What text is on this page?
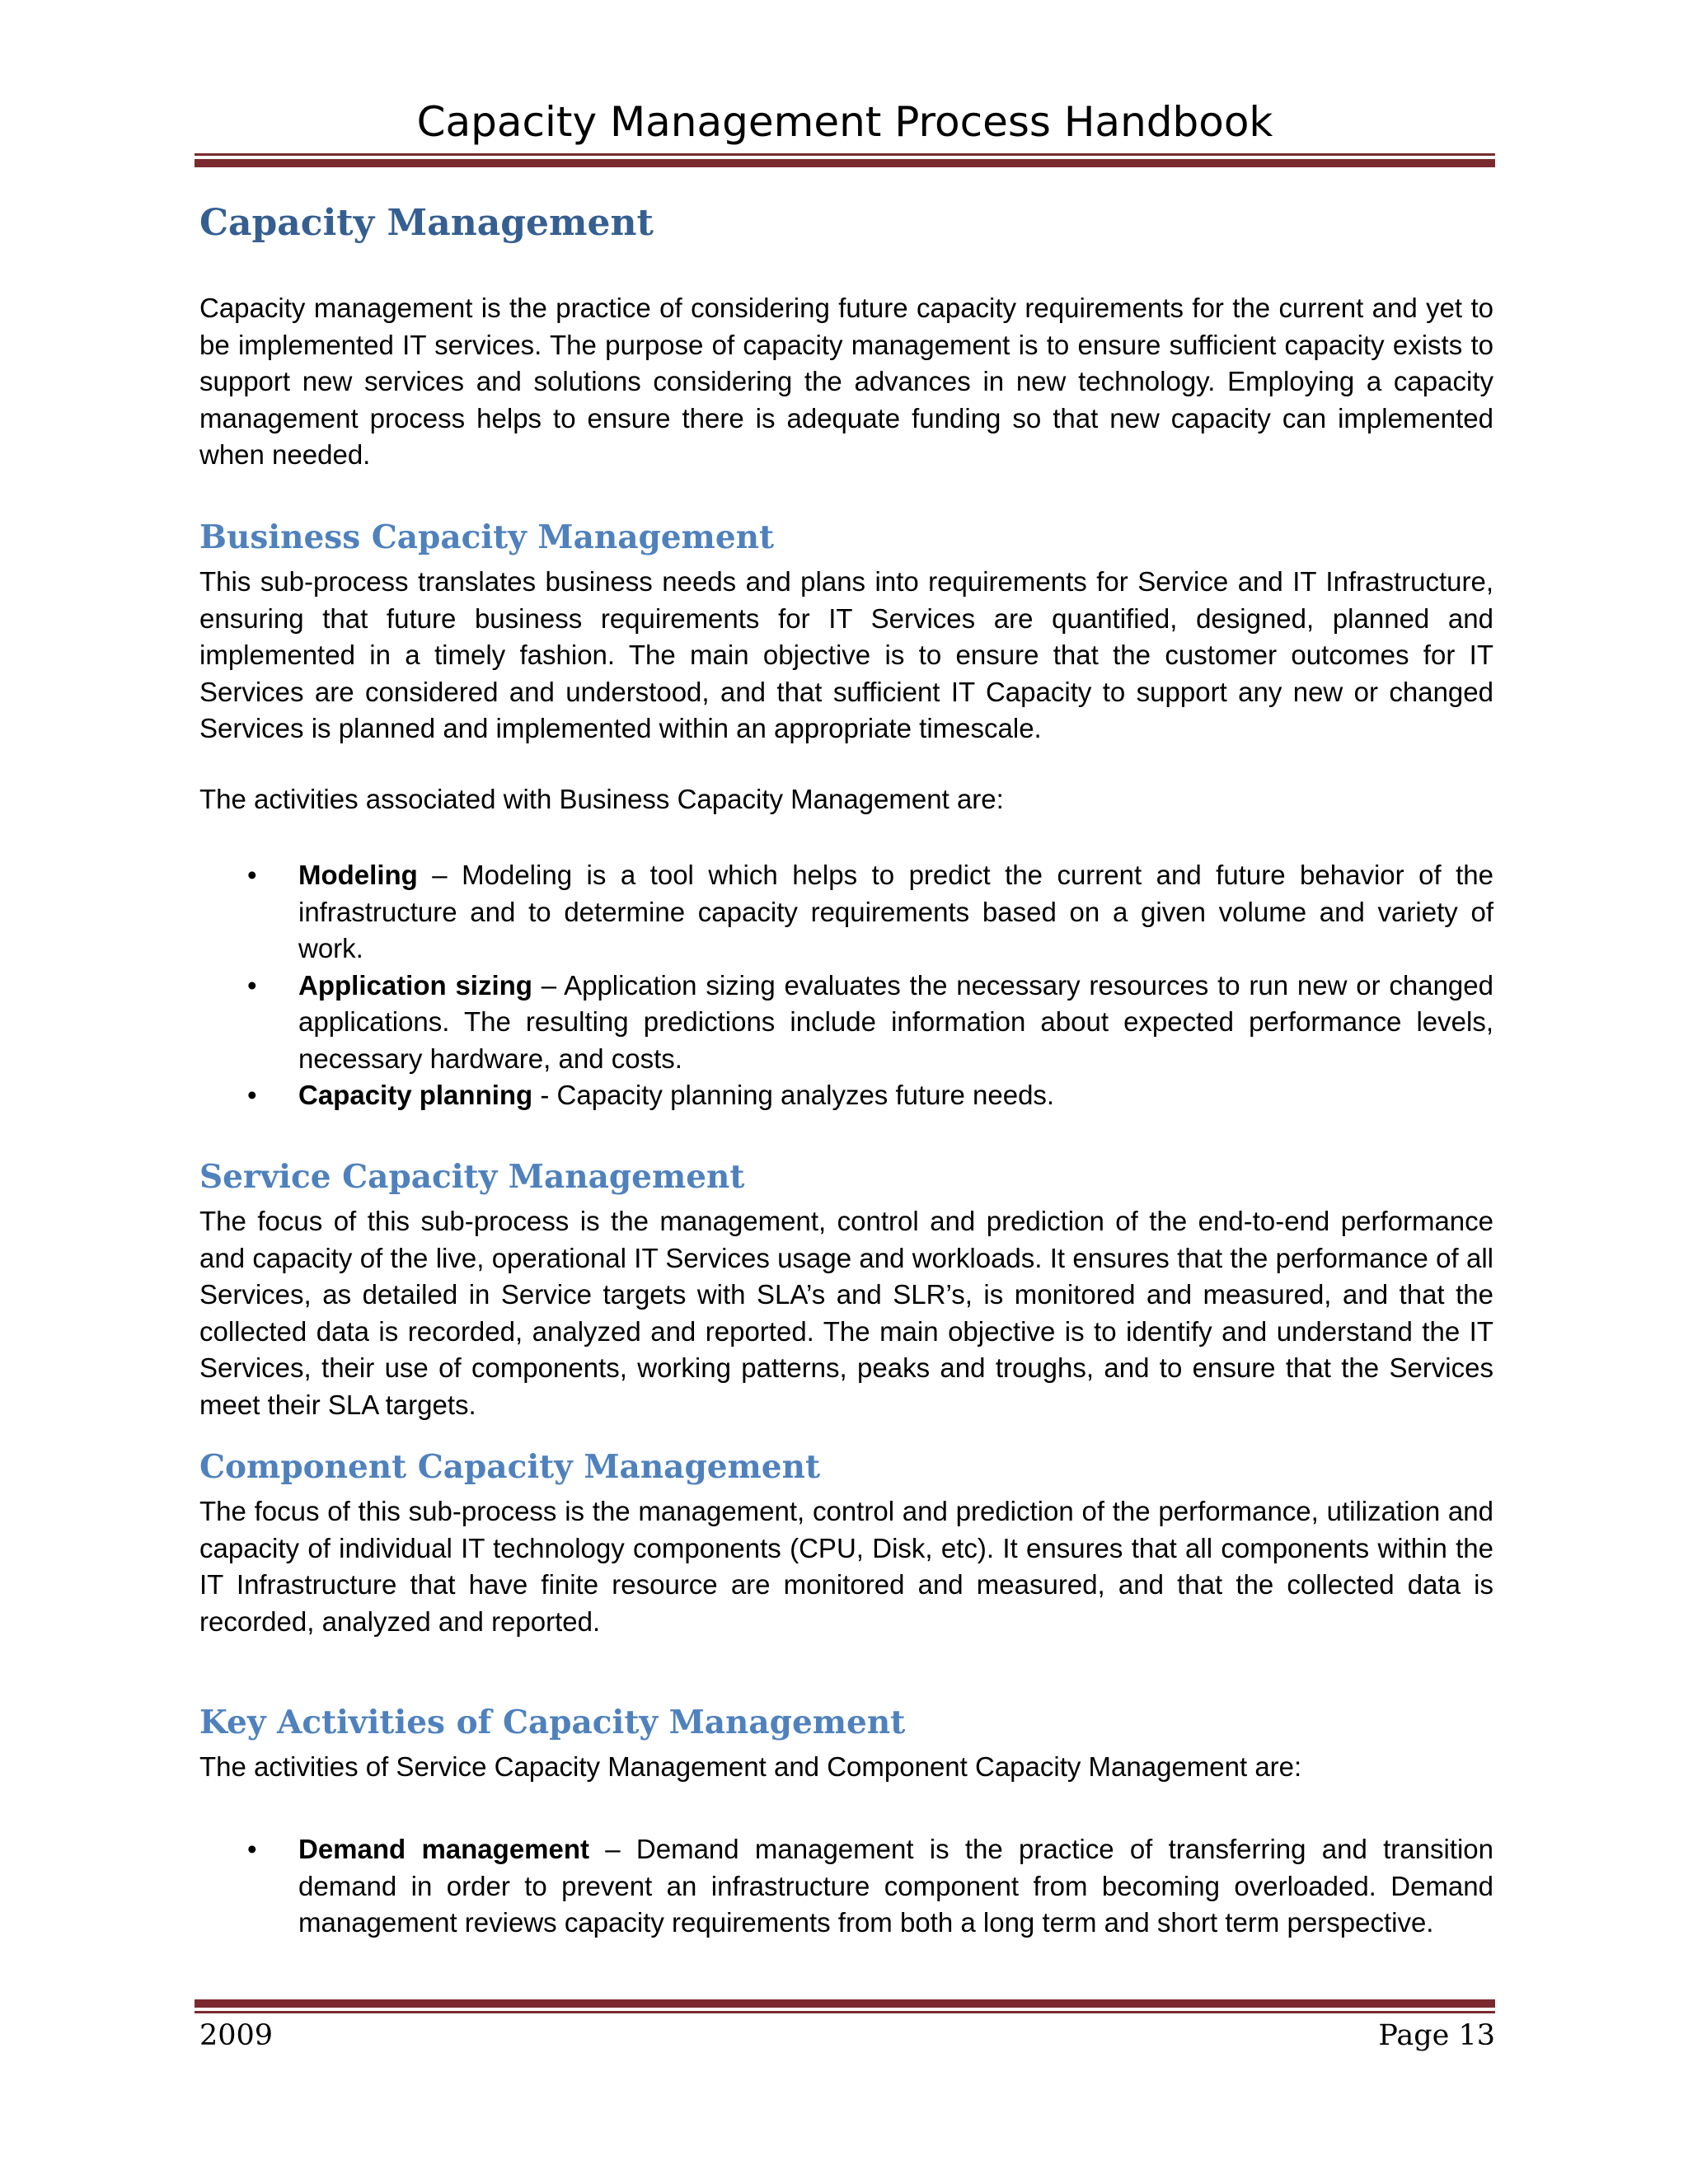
Capacity Management Process Handbook
Capacity Management
Capacity management is the practice of considering future capacity requirements for the current and yet to be implemented IT services. The purpose of capacity management is to ensure sufficient capacity exists to support new services and solutions considering the advances in new technology. Employing a capacity management process helps to ensure there is adequate funding so that new capacity can implemented when needed.
Business Capacity Management
This sub-process translates business needs and plans into requirements for Service and IT Infrastructure, ensuring that future business requirements for IT Services are quantified, designed, planned and implemented in a timely fashion. The main objective is to ensure that the customer outcomes for IT Services are considered and understood, and that sufficient IT Capacity to support any new or changed Services is planned and implemented within an appropriate timescale.
The activities associated with Business Capacity Management are:
• Modeling – Modeling is a tool which helps to predict the current and future behavior of the infrastructure and to determine capacity requirements based on a given volume and variety of work.
• Application sizing – Application sizing evaluates the necessary resources to run new or changed applications. The resulting predictions include information about expected performance levels, necessary hardware, and costs.
• Capacity planning - Capacity planning analyzes future needs.
Service Capacity Management
The focus of this sub-process is the management, control and prediction of the end-to-end performance and capacity of the live, operational IT Services usage and workloads. It ensures that the performance of all Services, as detailed in Service targets with SLA’s and SLR’s, is monitored and measured, and that the collected data is recorded, analyzed and reported. The main objective is to identify and understand the IT Services, their use of components, working patterns, peaks and troughs, and to ensure that the Services meet their SLA targets.
Component Capacity Management
The focus of this sub-process is the management, control and prediction of the performance, utilization and capacity of individual IT technology components (CPU, Disk, etc). It ensures that all components within the IT Infrastructure that have finite resource are monitored and measured, and that the collected data is recorded, analyzed and reported.
Key Activities of Capacity Management
The activities of Service Capacity Management and Component Capacity Management are:
• Demand management – Demand management is the practice of transferring and transition demand in order to prevent an infrastructure component from becoming overloaded. Demand management reviews capacity requirements from both a long term and short term perspective.
2009	Page 13
